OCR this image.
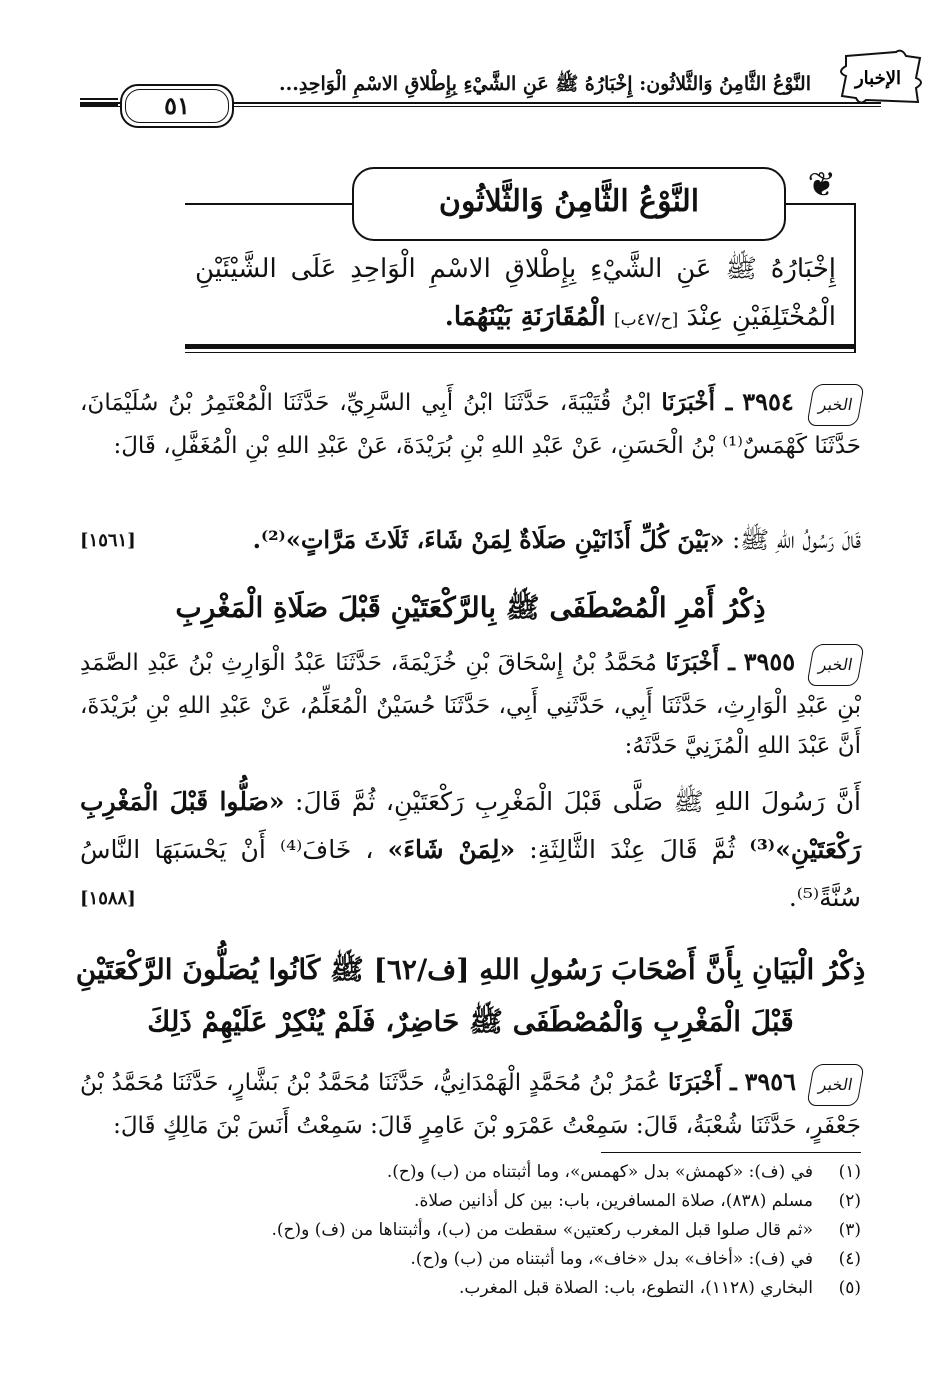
الإخبار
النَّوْعُ الثَّامِنُ وَالثَّلاثُون: إِخْبَارُهُ ﷺ عَنِ الشَّيْءِ بِإِطْلاقِ الاسْمِ الْوَاحِدِ...
٥١
❦
النَّوْعُ الثَّامِنُ وَالثَّلاثُون
إِخْبَارُهُ ﷺ عَنِ الشَّيْءِ بِإِطْلاقِ الاسْمِ الْوَاحِدِ عَلَى الشَّيْئَيْنِ الْمُخْتَلِفَيْنِ عِنْدَ [ح/٤٧ب] الْمُقَارَنَةِ بَيْنَهُمَا.
الخبر ٣٩٥٤ ـ أَخْبَرَنَا ابْنُ قُتَيْبَةَ، حَدَّثَنَا ابْنُ أَبِي السَّرِيِّ، حَدَّثَنَا الْمُعْتَمِرُ بْنُ سُلَيْمَانَ، حَدَّثَنَا كَهْمَسٌ⁽¹⁾ بْنُ الْحَسَنِ، عَنْ عَبْدِ اللهِ بْنِ بُرَيْدَةَ، عَنْ عَبْدِ اللهِ بْنِ الْمُغَفَّلِ، قَالَ:
قَالَ رَسُولُ اللهِ ﷺ: «بَيْنَ كُلِّ أَذَانَيْنِ صَلَاةٌ لِمَنْ شَاءَ، ثَلَاثَ مَرَّاتٍ»⁽²⁾.
[١٥٦١]
ذِكْرُ أَمْرِ الْمُصْطَفَى ﷺ بِالرَّكْعَتَيْنِ قَبْلَ صَلَاةِ الْمَغْرِبِ
الخبر ٣٩٥٥ ـ أَخْبَرَنَا مُحَمَّدُ بْنُ إِسْحَاقَ بْنِ خُزَيْمَةَ، حَدَّثَنَا عَبْدُ الْوَارِثِ بْنُ عَبْدِ الصَّمَدِ بْنِ عَبْدِ الْوَارِثِ، حَدَّثَنَا أَبِي، حَدَّثَنِي أَبِي، حَدَّثَنَا حُسَيْنٌ الْمُعَلِّمُ، عَنْ عَبْدِ اللهِ بْنِ بُرَيْدَةَ، أَنَّ عَبْدَ اللهِ الْمُزَنِيَّ حَدَّثَهُ:
أَنَّ رَسُولَ اللهِ ﷺ صَلَّى قَبْلَ الْمَغْرِبِ رَكْعَتَيْنِ، ثُمَّ قَالَ: «صَلُّوا قَبْلَ الْمَغْرِبِ رَكْعَتَيْنِ»⁽³⁾ ثُمَّ قَالَ عِنْدَ الثَّالِثَةِ: «لِمَنْ شَاءَ» ، خَافَ⁽⁴⁾ أَنْ يَحْسَبَهَا النَّاسُ سُنَّةً⁽⁵⁾.
[١٥٨٨]
ذِكْرُ الْبَيَانِ بِأَنَّ أَصْحَابَ رَسُولِ اللهِ [ف/٦٢] ﷺ كَانُوا يُصَلُّونَ الرَّكْعَتَيْنِ
قَبْلَ الْمَغْرِبِ وَالْمُصْطَفَى ﷺ حَاضِرٌ، فَلَمْ يُنْكِرْ عَلَيْهِمْ ذَلِكَ
الخبر ٣٩٥٦ ـ أَخْبَرَنَا عُمَرُ بْنُ مُحَمَّدٍ الْهَمْدَانِيُّ، حَدَّثَنَا مُحَمَّدُ بْنُ بَشَّارٍ، حَدَّثَنَا مُحَمَّدُ بْنُ جَعْفَرٍ، حَدَّثَنَا شُعْبَةُ، قَالَ: سَمِعْتُ عَمْرَو بْنَ عَامِرٍ قَالَ: سَمِعْتُ أَنَسَ بْنَ مَالِكٍ قَالَ:
(١)
في (ف): «كهمش» بدل «كهمس»، وما أثبتناه من (ب) و(ح).
(٢)
مسلم (٨٣٨)، صلاة المسافرين، باب: بين كل أذانين صلاة.
(٣)
«ثم قال صلوا قبل المغرب ركعتين» سقطت من (ب)، وأثبتناها من (ف) و(ح).
(٤)
في (ف): «أخاف» بدل «خاف»، وما أثبتناه من (ب) و(ح).
(٥)
البخاري (١١٢٨)، التطوع، باب: الصلاة قبل المغرب.
